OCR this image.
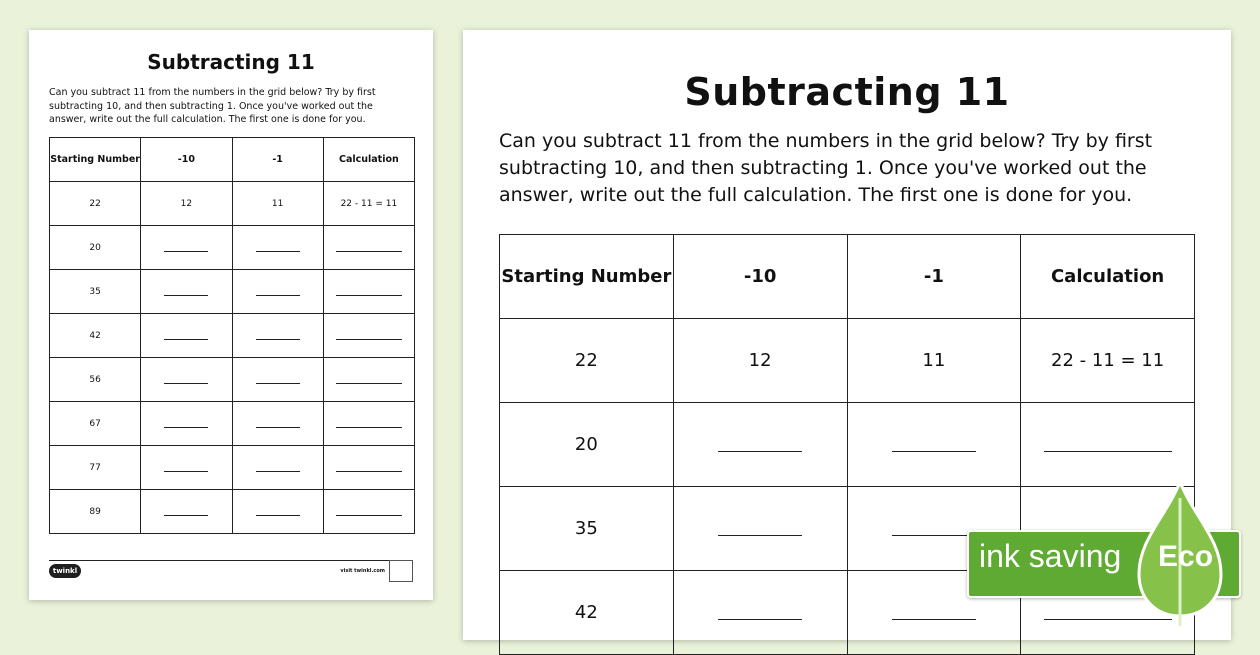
Subtracting 11
Can you subtract 11 from the numbers in the grid below? Try by first subtracting 10, and then subtracting 1. Once you've worked out the answer, write out the full calculation. The first one is done for you.
Starting Number	-10	-1	Calculation
22	12	11	22 - 11 = 11
20			
35			
42			
56			
67			
77			
89			
twinkl	visit twinkl.com
Subtracting 11
Can you subtract 11 from the numbers in the grid below? Try by first subtracting 10, and then subtracting 1. Once you've worked out the answer, write out the full calculation. The first one is done for you.
Starting Number	-10	-1	Calculation
22	12	11	22 - 11 = 11
20			
35			
42			
ink saving Eco
